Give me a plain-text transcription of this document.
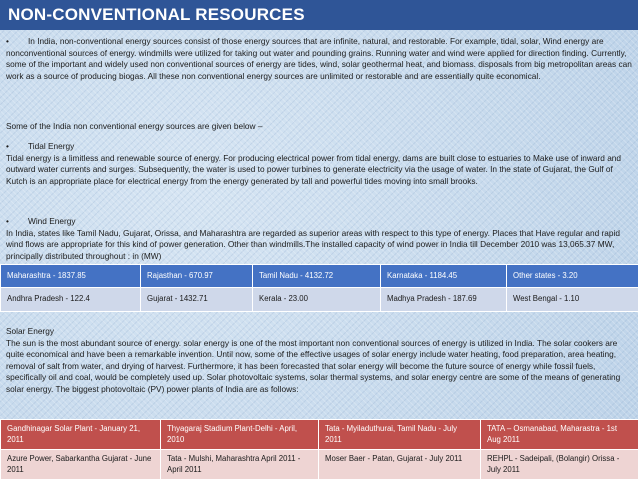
NON-CONVENTIONAL RESOURCES

• In India, non-conventional energy sources consist of those energy sources that are infinite, natural, and restorable. For example, tidal, solar, Wind energy are nonconventional sources of energy. windmills were utilized for taking out water and pounding grains. Running water and wind were applied for direction finding. Currently, some of the important and widely used non conventional sources of energy are tides, wind, solar geothermal heat, and biomass. disposals from big metropolitan areas can work as a source of producing biogas. All these non conventional energy sources are unlimited or restorable and are essentially quite economical.

Some of the India non conventional energy sources are given below –

• Tidal Energy

Tidal energy is a limitless and renewable source of energy. For producing electrical power from tidal energy, dams are built close to estuaries to Make use of inward and outward water currents and surges. Subsequently, the water is used to power turbines to generate electricity via the usage of water. In the state of Gujarat, the Gulf of Kutch is an appropriate place for electrical energy from the energy generated by tall and powerful tides moving into small brooks.

• Wind Energy

In India, states like Tamil Nadu, Gujarat, Orissa, and Maharashtra are regarded as superior areas with respect to this type of energy. Places that Have regular and rapid wind flows are appropriate for this kind of power generation. Other than windmills.The installed capacity of wind power in India till December 2010 was 13,065.37 MW, principally distributed throughout : in (MW)

Maharashtra - 1837.85	Rajasthan - 670.97	Tamil Nadu - 4132.72	Karnataka - 1184.45	Other states - 3.20
Andhra Pradesh - 122.4	Gujarat - 1432.71	Kerala - 23.00	Madhya Pradesh - 187.69	West Bengal - 1.10

Solar Energy

The sun is the most abundant source of energy. solar energy is one of the most important non conventional sources of energy is utilized in India. The solar cookers are quite economical and have been a remarkable invention. Until now, some of the effective usages of solar energy include water heating, food preparation, area heating, removal of salt from water, and drying of harvest. Furthermore, it has been forecasted that solar energy will become the future source of energy while fossil fuels, specifically oil and coal, would be completely used up. Solar photovoltaic systems, solar thermal systems, and solar energy centre are some of the means of generating solar energy. The biggest photovoltaic (PV) power plants of India are as follows:

Gandhinagar Solar Plant - January 21, 2011	Thyagaraj Stadium Plant-Delhi - April, 2010	Tata - Myiladuthurai, Tamil Nadu - July 2011	TATA – Osmanabad, Maharastra - 1st Aug 2011
Azure Power, Sabarkantha Gujarat - June 2011	Tata - Mulshi, Maharashtra April 2011 - April 2011	Moser Baer - Patan, Gujarat - July 2011	REHPL - Sadeipali, (Bolangir) Orissa - July 2011
